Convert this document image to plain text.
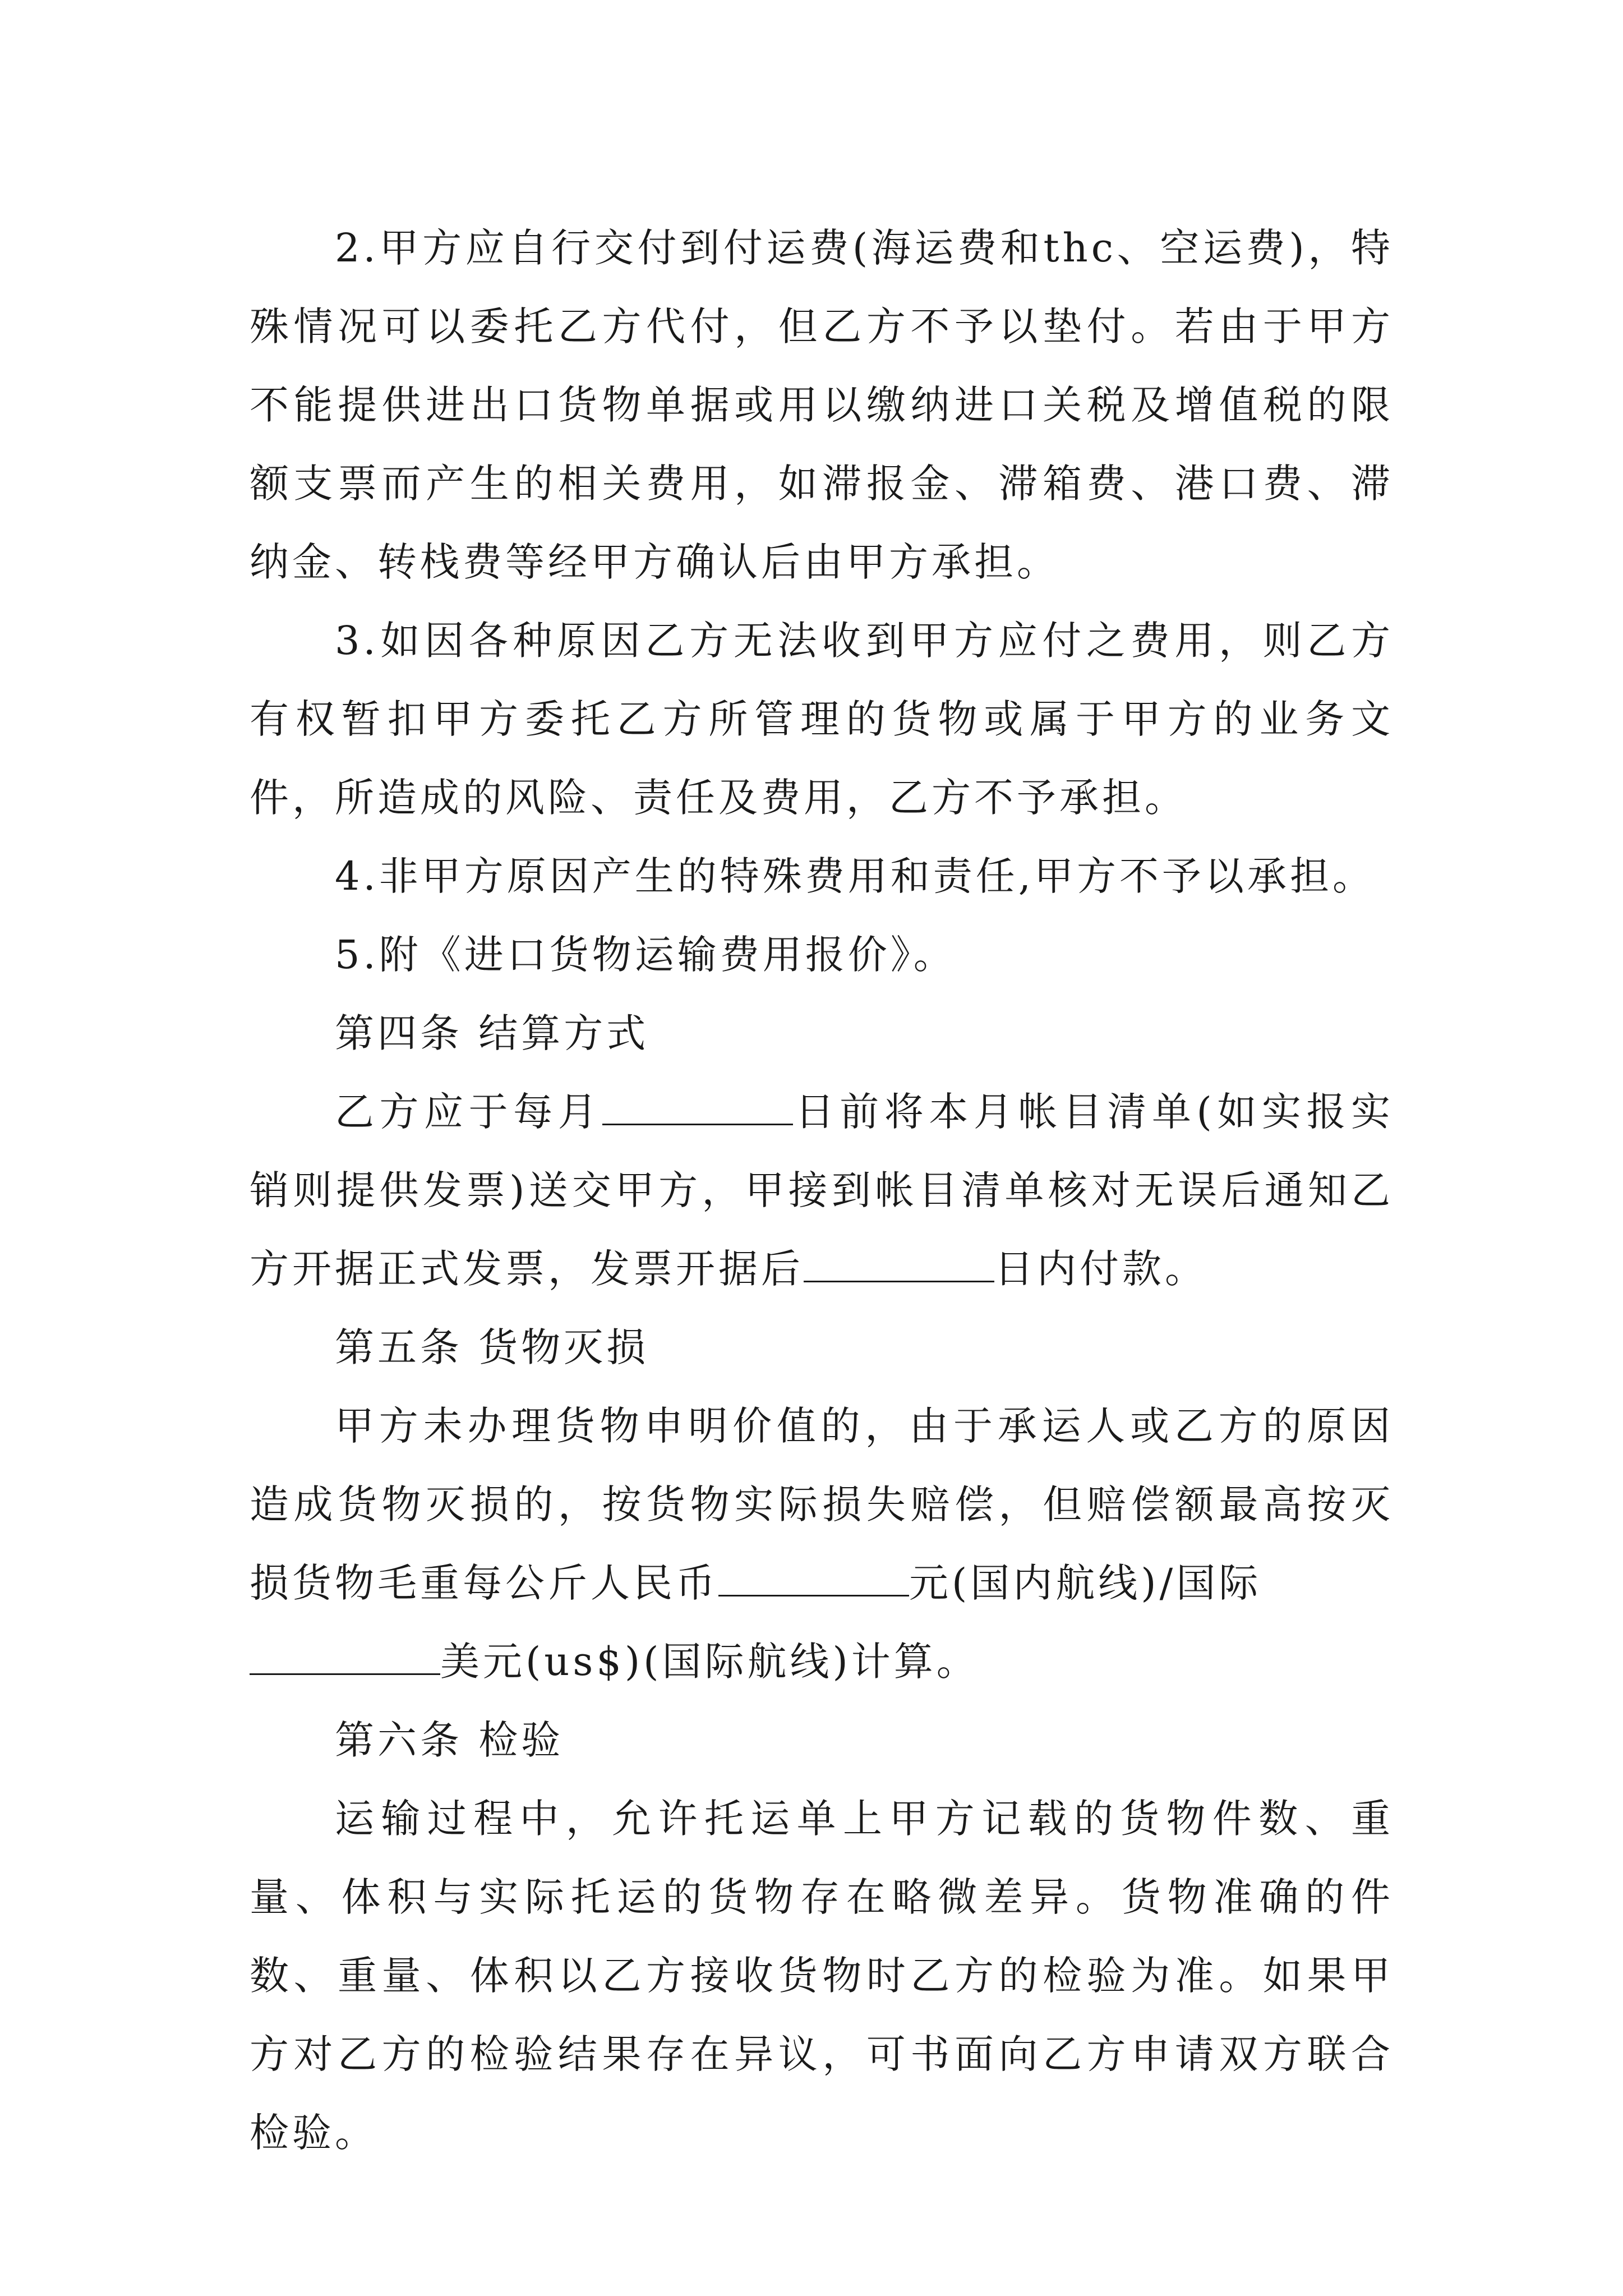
2.甲方应自行交付到付运费(海运费和thc、空运费)，特殊情况可以委托乙方代付，但乙方不予以垫付。若由于甲方不能提供进出口货物单据或用以缴纳进口关税及增值税的限额支票而产生的相关费用，如滞报金、滞箱费、港口费、滞纳金、转栈费等经甲方确认后由甲方承担。

3.如因各种原因乙方无法收到甲方应付之费用，则乙方有权暂扣甲方委托乙方所管理的货物或属于甲方的业务文件，所造成的风险、责任及费用，乙方不予承担。

4.非甲方原因产生的特殊费用和责任,甲方不予以承担。

5.附《进口货物运输费用报价》。

第四条 结算方式

乙方应于每月	日前将本月帐目清单(如实报实销则提供发票)送交甲方，甲接到帐目清单核对无误后通知乙方开据正式发票，发票开据后	日内付款。

第五条 货物灭损

甲方未办理货物申明价值的，由于承运人或乙方的原因造成货物灭损的，按货物实际损失赔偿，但赔偿额最高按灭损货物毛重每公斤人民币	元(国内航线)/国际

美元(us$)(国际航线)计算。

第六条 检验

运输过程中，允许托运单上甲方记载的货物件数、重量、体积与实际托运的货物存在略微差异。货物准确的件数、重量、体积以乙方接收货物时乙方的检验为准。如果甲方对乙方的检验结果存在异议，可书面向乙方申请双方联合检验。
